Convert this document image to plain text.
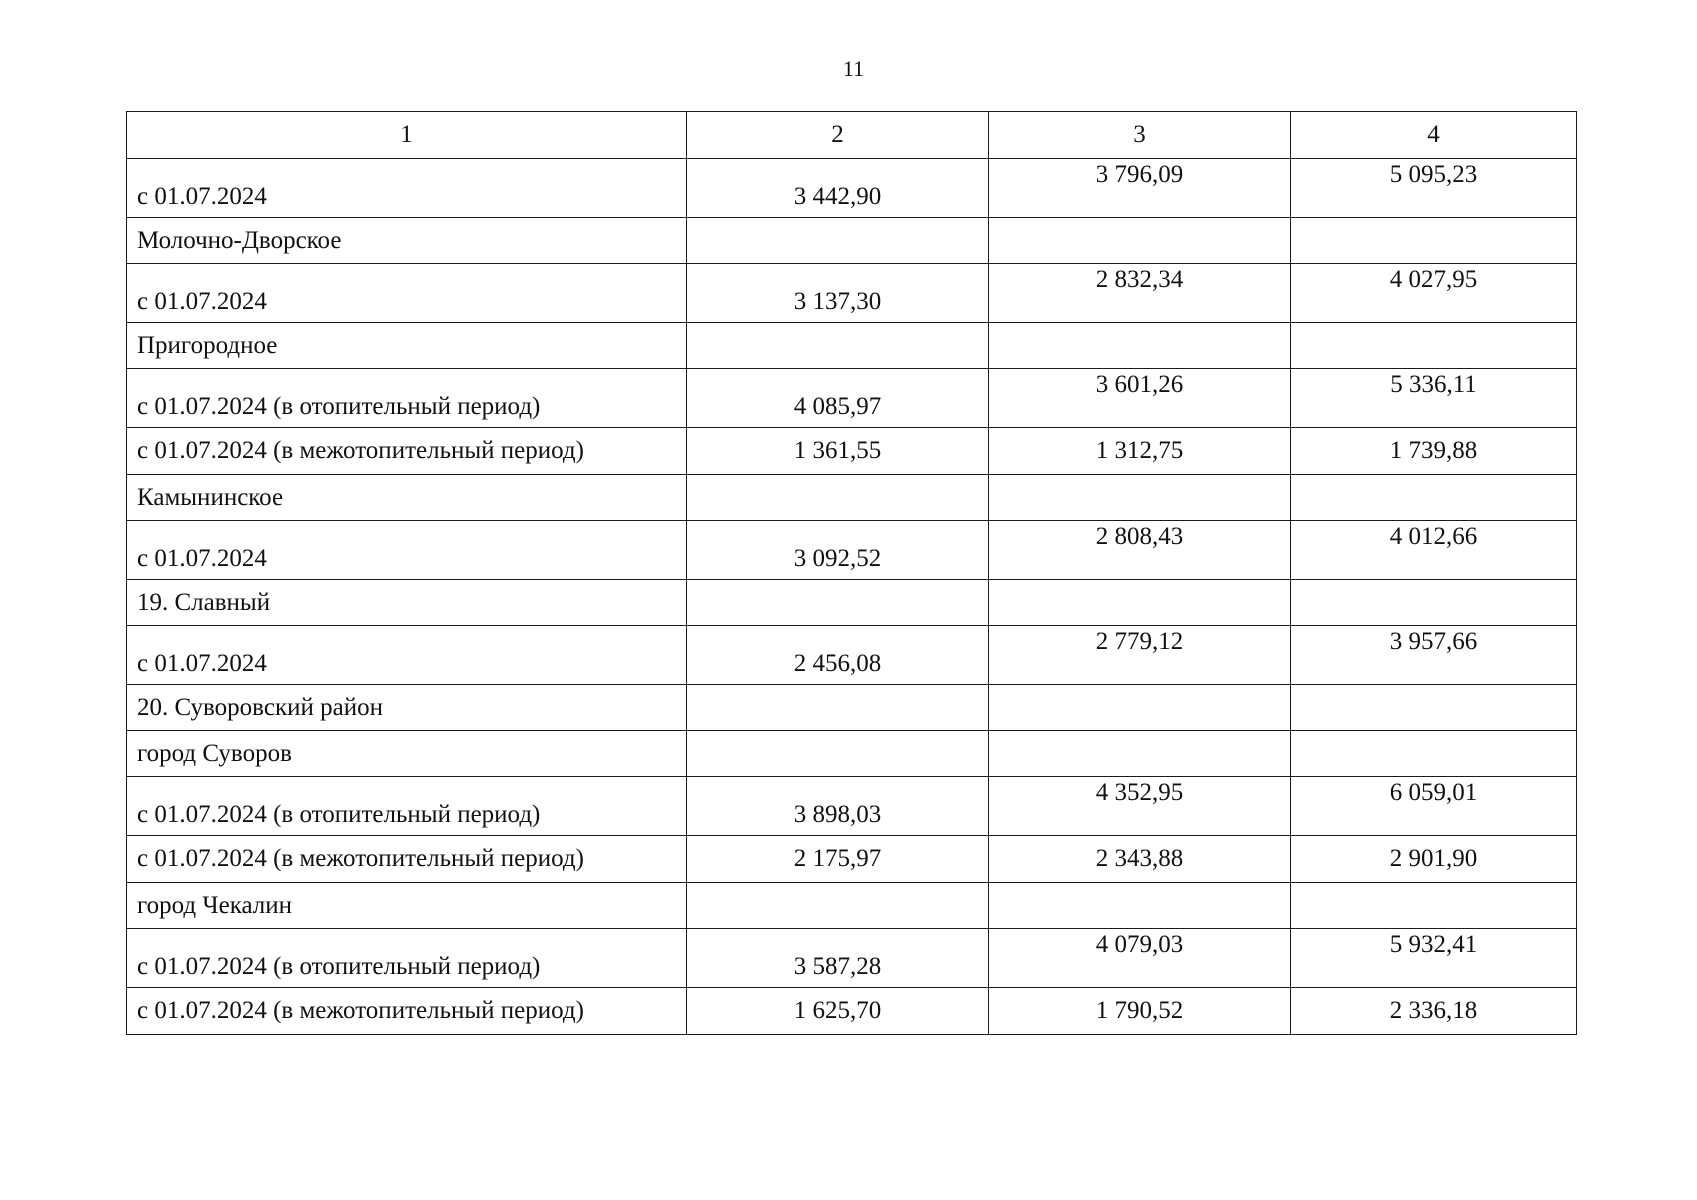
11
1	2	3	4
с 01.07.2024	3 442,90	3 796,09	5 095,23
Молочно-Дворское			
с 01.07.2024	3 137,30	2 832,34	4 027,95
Пригородное			
с 01.07.2024 (в отопительный период)	4 085,97	3 601,26	5 336,11
с 01.07.2024 (в межотопительный период)	1 361,55	1 312,75	1 739,88
Камынинское			
с 01.07.2024	3 092,52	2 808,43	4 012,66
19. Славный			
с 01.07.2024	2 456,08	2 779,12	3 957,66
20. Суворовский район			
город Суворов			
с 01.07.2024 (в отопительный период)	3 898,03	4 352,95	6 059,01
с 01.07.2024 (в межотопительный период)	2 175,97	2 343,88	2 901,90
город Чекалин			
с 01.07.2024 (в отопительный период)	3 587,28	4 079,03	5 932,41
с 01.07.2024 (в межотопительный период)	1 625,70	1 790,52	2 336,18
